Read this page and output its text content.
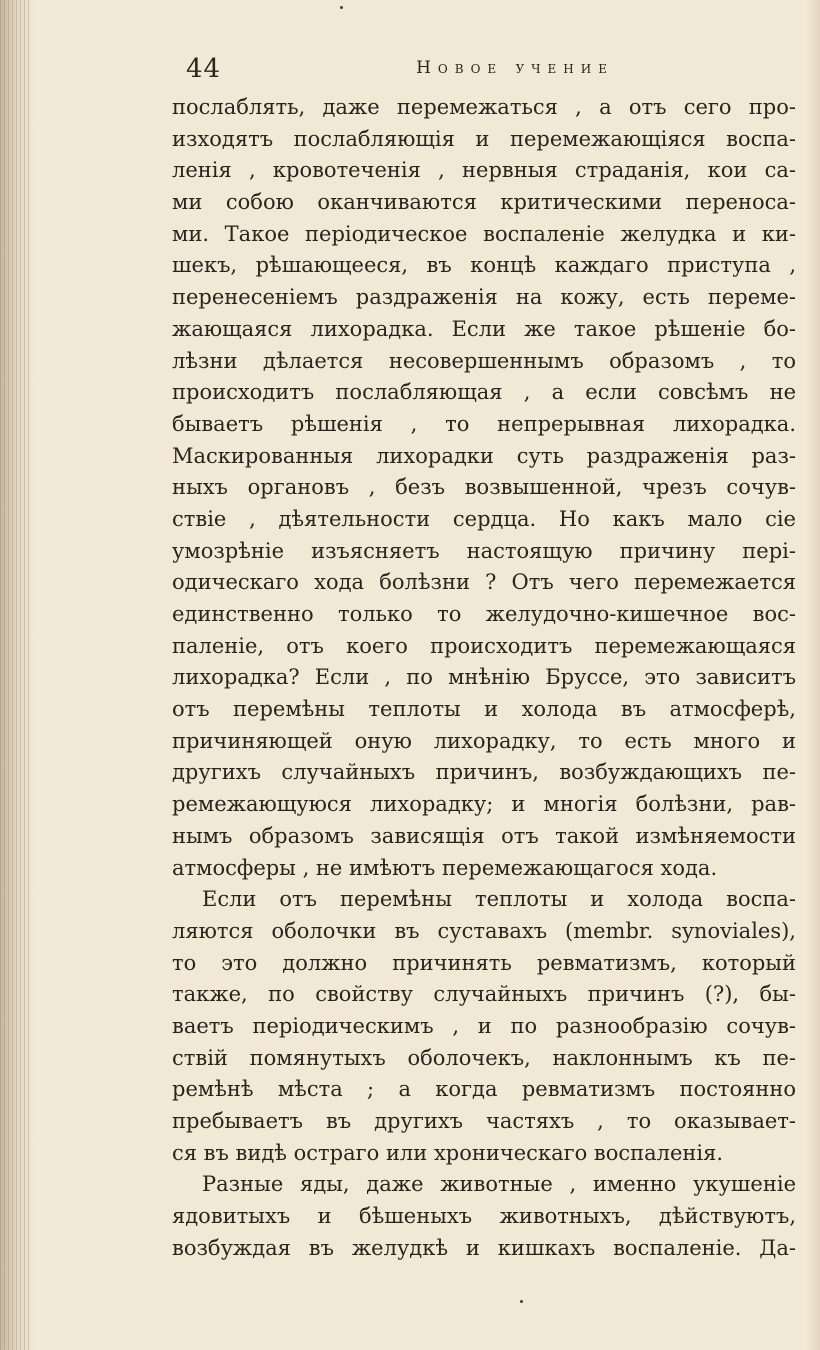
44	Новое учение
послаблять, даже перемежаться , а отъ сего про-
изходятъ послабляющія и перемежающіяся воспа-
ленія , кровотеченія , нервныя страданія, кои са-
ми собою оканчиваются критическими переноса-
ми. Такое періодическое воспаленіе желудка и ки-
шекъ, рѣшающееся, въ концѣ каждаго приступа ,
перенесеніемъ раздраженія на кожу, есть переме-
жающаяся лихорадка. Если же такое рѣшеніе бо-
лѣзни дѣлается несовершеннымъ образомъ , то
происходитъ послабляющая , а если совсѣмъ не
бываетъ рѣшенія , то непрерывная лихорадка.
Маскированныя лихорадки суть раздраженія раз-
ныхъ органовъ , безъ возвышенной, чрезъ сочув-
ствіе , дѣятельности сердца. Но какъ мало сіе
умозрѣніе изъясняетъ настоящую причину пері-
одическаго хода болѣзни ? Отъ чего перемежается
единственно только то желудочно-кишечное вос-
паленіе, отъ коего происходитъ перемежающаяся
лихорадка? Если , по мнѣнію Бруссе, это зависитъ
отъ перемѣны теплоты и холода въ атмосферѣ,
причиняющей оную лихорадку, то есть много и
другихъ случайныхъ причинъ, возбуждающихъ пе-
ремежающуюся лихорадку; и многія болѣзни, рав-
нымъ образомъ зависящія отъ такой измѣняемости
атмосферы , не имѣютъ перемежающагося хода.
Если отъ перемѣны теплоты и холода воспа-
ляются оболочки въ суставахъ (membr. synoviales),
то это должно причинять ревматизмъ, который
также, по свойству случайныхъ причинъ (?), бы-
ваетъ періодическимъ , и по разнообразію сочув-
ствій помянутыхъ оболочекъ, наклоннымъ къ пе-
ремѣнѣ мѣста ; а когда ревматизмъ постоянно
пребываетъ въ другихъ частяхъ , то оказывает-
ся въ видѣ остраго или хроническаго воспаленія.
Разные яды, даже животные , именно укушеніе
ядовитыхъ и бѣшеныхъ животныхъ, дѣйствуютъ,
возбуждая въ желудкѣ и кишкахъ воспаленіе. Да-
